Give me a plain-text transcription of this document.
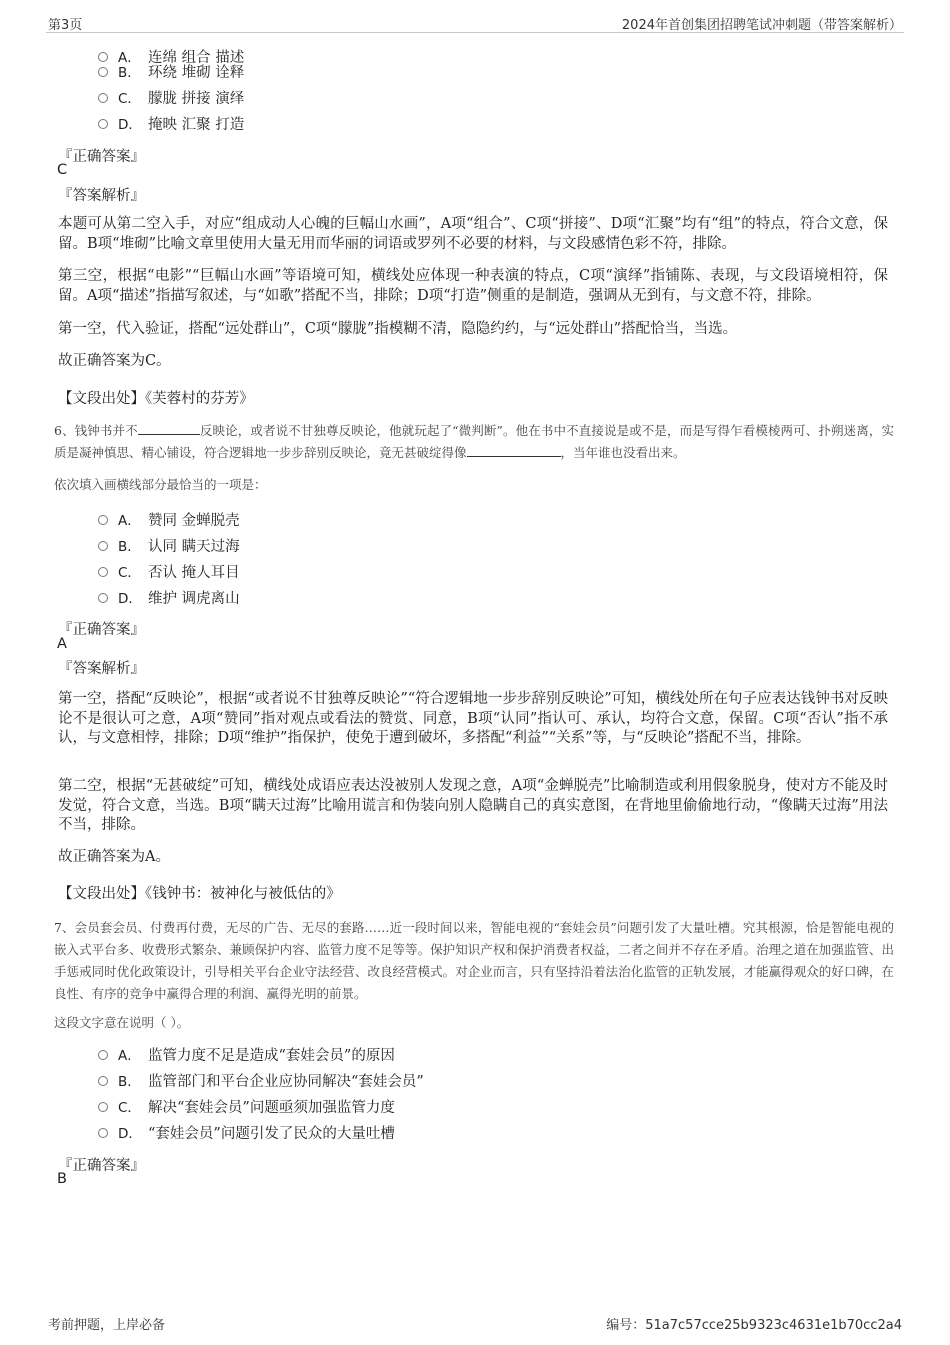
第3页	2024年首创集团招聘笔试冲刺题（带答案解析）
A． 连绵 组合 描述
B． 环绕 堆砌 诠释
C． 朦胧 拼接 演绎
D． 掩映 汇聚 打造
『正确答案』
C
『答案解析』
本题可从第二空入手，对应“组成动人心魄的巨幅山水画”，A项“组合”、C项“拼接”、D项“汇聚”均有“组”的特点，符合文意，保留。B项“堆砌”比喻文章里使用大量无用而华丽的词语或罗列不必要的材料，与文段感情色彩不符，排除。
第三空，根据“电影”“巨幅山水画”等语境可知，横线处应体现一种表演的特点，C项“演绎”指铺陈、表现，与文段语境相符，保留。A项“描述”指描写叙述，与“如歌”搭配不当，排除；D项“打造”侧重的是制造，强调从无到有，与文意不符，排除。
第一空，代入验证，搭配“远处群山”，C项“朦胧”指模糊不清，隐隐约约，与“远处群山”搭配恰当，当选。
故正确答案为C。
【文段出处】《芙蓉村的芬芳》
6、钱钟书并不	反映论，或者说不甘独尊反映论，他就玩起了“微判断”。他在书中不直接说是或不是，而是写得乍看模棱两可、扑朔迷离，实质是凝神慎思、精心铺设，符合逻辑地一步步辞别反映论，竟无甚破绽得像	，当年谁也没看出来。
依次填入画横线部分最恰当的一项是：
A． 赞同 金蝉脱壳
B． 认同 瞒天过海
C． 否认 掩人耳目
D． 维护 调虎离山
『正确答案』
A
『答案解析』
第一空，搭配“反映论”，根据“或者说不甘独尊反映论”“符合逻辑地一步步辞别反映论”可知，横线处所在句子应表达钱钟书对反映论不是很认可之意，A项“赞同”指对观点或看法的赞赏、同意，B项“认同”指认可、承认，均符合文意，保留。C项“否认”指不承认，与文意相悖，排除；D项“维护”指保护，使免于遭到破坏，多搭配“利益”“关系”等，与“反映论”搭配不当，排除。
第二空，根据“无甚破绽”可知，横线处成语应表达没被别人发现之意，A项“金蝉脱壳”比喻制造或利用假象脱身，使对方不能及时发觉，符合文意，当选。B项“瞒天过海”比喻用谎言和伪装向别人隐瞒自己的真实意图，在背地里偷偷地行动，“像瞒天过海”用法不当，排除。
故正确答案为A。
【文段出处】《钱钟书：被神化与被低估的》
7、会员套会员、付费再付费，无尽的广告、无尽的套路……近一段时间以来，智能电视的“套娃会员”问题引发了大量吐槽。究其根源，恰是智能电视的嵌入式平台多、收费形式繁杂、兼顾保护内容、监管力度不足等等。保护知识产权和保护消费者权益，二者之间并不存在矛盾。治理之道在加强监管、出手惩戒同时优化政策设计，引导相关平台企业守法经营、改良经营模式。对企业而言，只有坚持沿着法治化监管的正轨发展，才能赢得观众的好口碑，在良性、有序的竞争中赢得合理的利润、赢得光明的前景。
这段文字意在说明（ ）。
A． 监管力度不足是造成“套娃会员”的原因
B． 监管部门和平台企业应协同解决“套娃会员”
C． 解决“套娃会员”问题亟须加强监管力度
D． “套娃会员”问题引发了民众的大量吐槽
『正确答案』
B
考前押题，上岸必备	编号：51a7c57cce25b9323c4631e1b70cc2a4
